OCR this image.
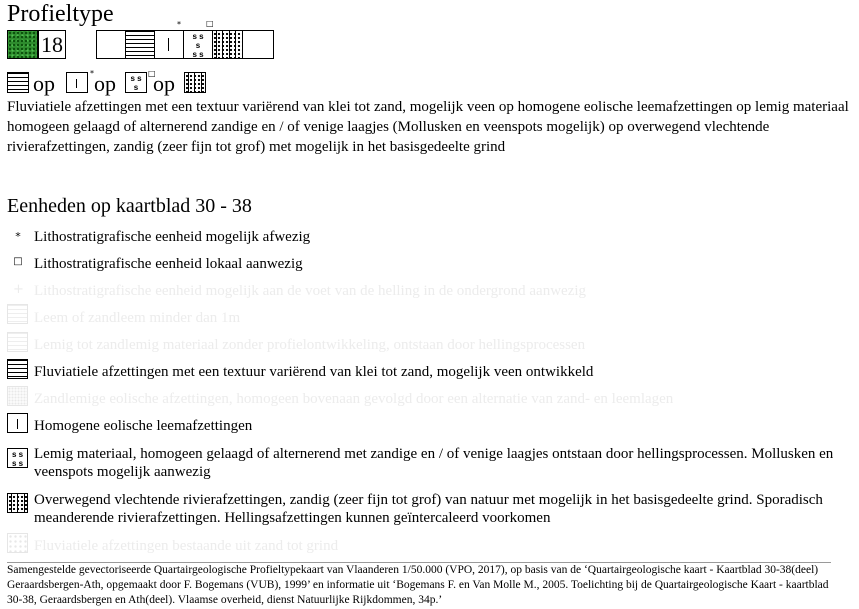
Profieltype
18	s s
s
s s
*	□
op	* op	s s
s
□
op
Fluviatiele afzettingen met een textuur variërend van klei tot zand, mogelijk veen op homogene eolische leemafzettingen op lemig materiaal homogeen gelaagd of alternerend zandige en / of venige laagjes (Mollusken en veenspots mogelijk) op overwegend vlechtende rivierafzettingen, zandig (zeer fijn tot grof) met mogelijk in het basisgedeelte grind
Eenheden op kaartblad 30 - 38
* Lithostratigrafische eenheid mogelijk afwezig
□ Lithostratigrafische eenheid lokaal aanwezig
+ Lithostratigrafische eenheid mogelijk aan de voet van de helling in de ondergrond aanwezig
Leem of zandleem minder dan 1m
Lemig tot zandlemig materiaal zonder profielontwikkeling, ontstaan door hellingsprocessen
Fluviatiele afzettingen met een textuur variërend van klei tot zand, mogelijk veen ontwikkeld
Zandlemige eolische afzettingen, homogeen bovenaan gevolgd door een alternatie van zand- en leemlagen
Homogene eolische leemafzettingen
s s
s s
Lemig materiaal, homogeen gelaagd of alternerend met zandige en / of venige laagjes ontstaan door hellingsprocessen. Mollusken en veenspots mogelijk aanwezig
Overwegend vlechtende rivierafzettingen, zandig (zeer fijn tot grof) van natuur met mogelijk in het basisgedeelte grind. Sporadisch meanderende rivierafzettingen. Hellingsafzettingen kunnen geïntercaleerd voorkomen
Fluviatiele afzettingen bestaande uit zand tot grind
Samengestelde gevectoriseerde Quartairgeologische Profieltypekaart van Vlaanderen 1/50.000 (VPO, 2017), op basis van de ‘Quartairgeologische kaart - Kaartblad 30-38(deel) Geraardsbergen-Ath, opgemaakt door F. Bogemans (VUB), 1999’ en informatie uit ‘Bogemans F. en Van Molle M., 2005. Toelichting bij de Quartairgeologische Kaart - kaartblad 30-38, Geraardsbergen en Ath(deel). Vlaamse overheid, dienst Natuurlijke Rijkdommen, 34p.’
